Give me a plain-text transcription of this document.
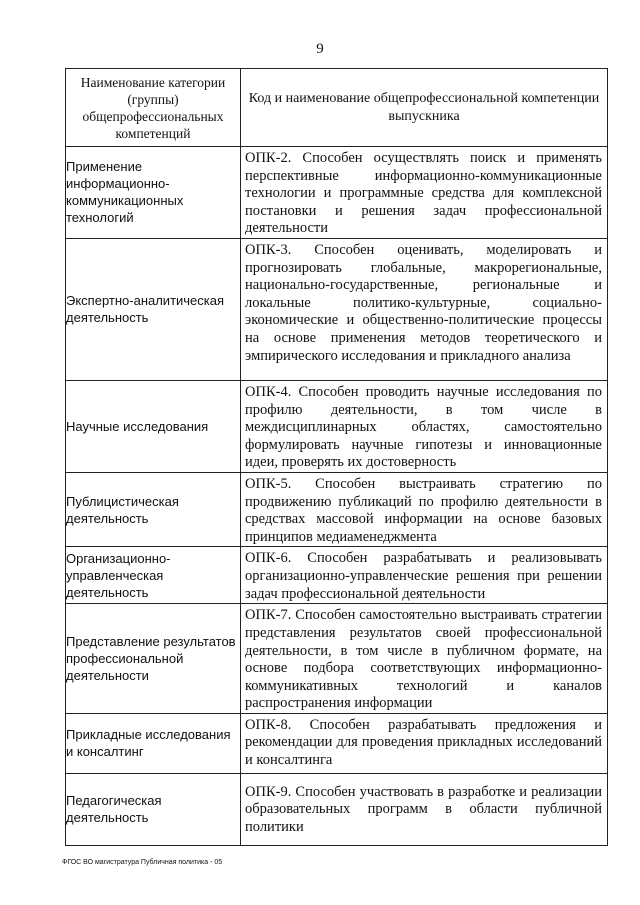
9
Наименование категории (группы) общепрофессиональных компетенций	Код и наименование общепрофессиональной компетенции выпускника
Применение информационно-коммуникационных технологий	ОПК-2. Способен осуществлять поиск и применять перспективные информационно-коммуникационные технологии и программные средства для комплексной постановки и решения задач профессиональной деятельности

Экспертно-аналитическая деятельность	ОПК-3. Способен оценивать, моделировать и прогнозировать глобальные, макрорегиональные, национально-государственные, региональные и локальные политико-культурные, социально-экономические и общественно-политические процессы на основе применения методов теоретического и эмпирического исследования и прикладного анализа

Научные исследования	ОПК-4. Способен проводить научные исследования по профилю деятельности, в том числе в междисциплинарных областях, самостоятельно формулировать научные гипотезы и инновационные идеи, проверять их достоверность

Публицистическая деятельность	ОПК-5. Способен выстраивать стратегию по продвижению публикаций по профилю деятельности в средствах массовой информации на основе базовых принципов медиаменеджмента

Организационно-управленческая деятельность	ОПК-6. Способен разрабатывать и реализовывать организационно-управленческие решения при решении задач профессиональной деятельности

Представление результатов профессиональной деятельности	ОПК-7. Способен самостоятельно выстраивать стратегии представления результатов своей профессиональной деятельности, в том числе в публичном формате, на основе подбора соответствующих информационно-коммуникативных технологий и каналов распространения информации

Прикладные исследования и консалтинг	ОПК-8. Способен разрабатывать предложения и рекомендации для проведения прикладных исследований и консалтинга

Педагогическая деятельность	ОПК-9. Способен участвовать в разработке и реализации образовательных программ в области публичной политики
ФГОС ВО магистратура Публичная политика - 05
